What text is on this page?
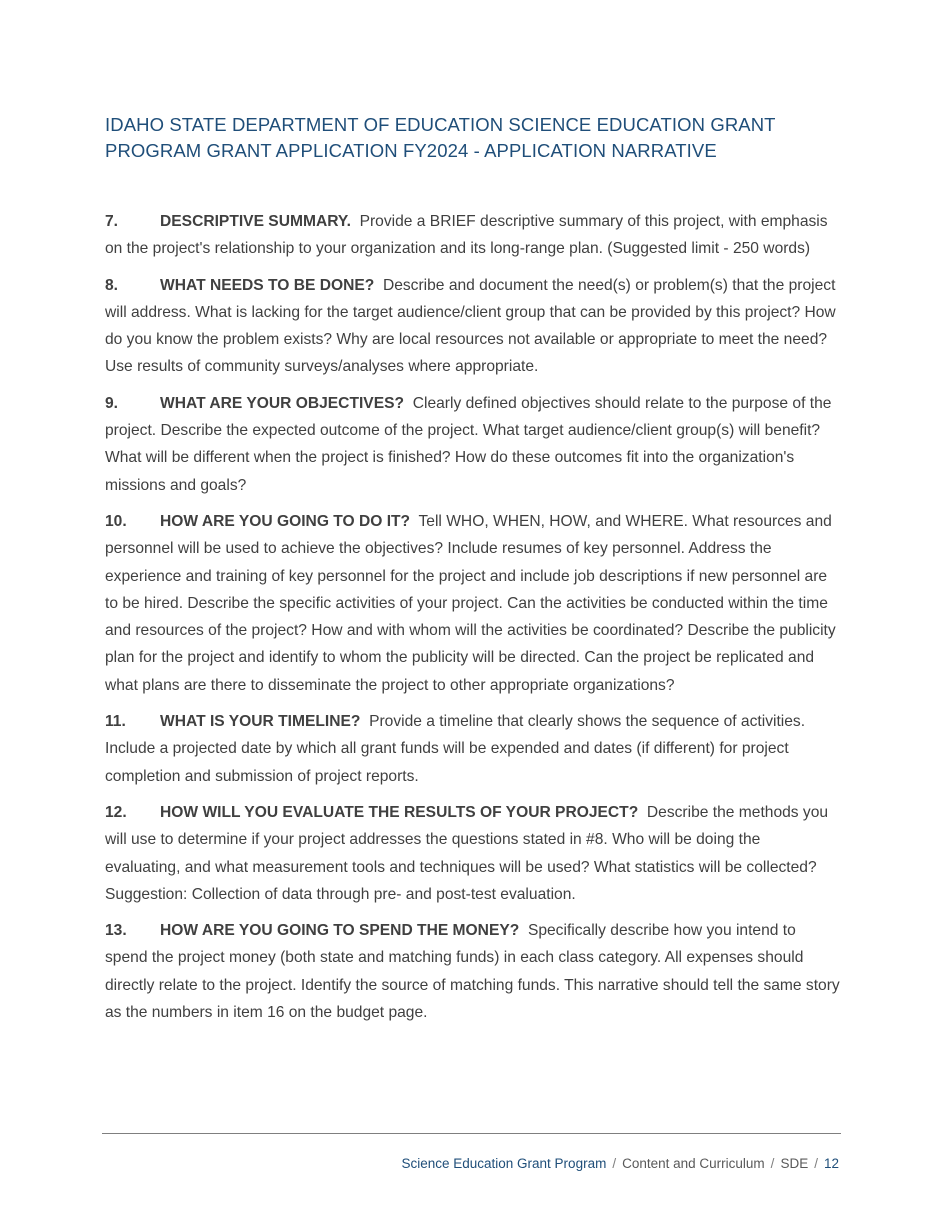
IDAHO STATE DEPARTMENT OF EDUCATION SCIENCE EDUCATION GRANT
PROGRAM GRANT APPLICATION FY2024 - APPLICATION NARRATIVE

7.	DESCRIPTIVE SUMMARY. Provide a BRIEF descriptive summary of this project, with emphasis on the project's relationship to your organization and its long-range plan. (Suggested limit - 250 words)

8.	WHAT NEEDS TO BE DONE? Describe and document the need(s) or problem(s) that the project will address. What is lacking for the target audience/client group that can be provided by this project? How do you know the problem exists? Why are local resources not available or appropriate to meet the need? Use results of community surveys/analyses where appropriate.

9.	WHAT ARE YOUR OBJECTIVES? Clearly defined objectives should relate to the purpose of the project. Describe the expected outcome of the project. What target audience/client group(s) will benefit? What will be different when the project is finished? How do these outcomes fit into the organization's missions and goals?

10. HOW ARE YOU GOING TO DO IT? Tell WHO, WHEN, HOW, and WHERE. What resources and personnel will be used to achieve the objectives? Include resumes of key personnel. Address the experience and training of key personnel for the project and include job descriptions if new personnel are to be hired. Describe the specific activities of your project. Can the activities be conducted within the time and resources of the project? How and with whom will the activities be coordinated? Describe the publicity plan for the project and identify to whom the publicity will be directed. Can the project be replicated and what plans are there to disseminate the project to other appropriate organizations?

11. WHAT IS YOUR TIMELINE? Provide a timeline that clearly shows the sequence of activities. Include a projected date by which all grant funds will be expended and dates (if different) for project completion and submission of project reports.

12. HOW WILL YOU EVALUATE THE RESULTS OF YOUR PROJECT? Describe the methods you will use to determine if your project addresses the questions stated in #8. Who will be doing the evaluating, and what measurement tools and techniques will be used? What statistics will be collected? Suggestion: Collection of data through pre- and post-test evaluation.

13. HOW ARE YOU GOING TO SPEND THE MONEY? Specifically describe how you intend to spend the project money (both state and matching funds) in each class category. All expenses should directly relate to the project. Identify the source of matching funds. This narrative should tell the same story as the numbers in item 16 on the budget page.

Science Education Grant Program / Content and Curriculum / SDE / 12
